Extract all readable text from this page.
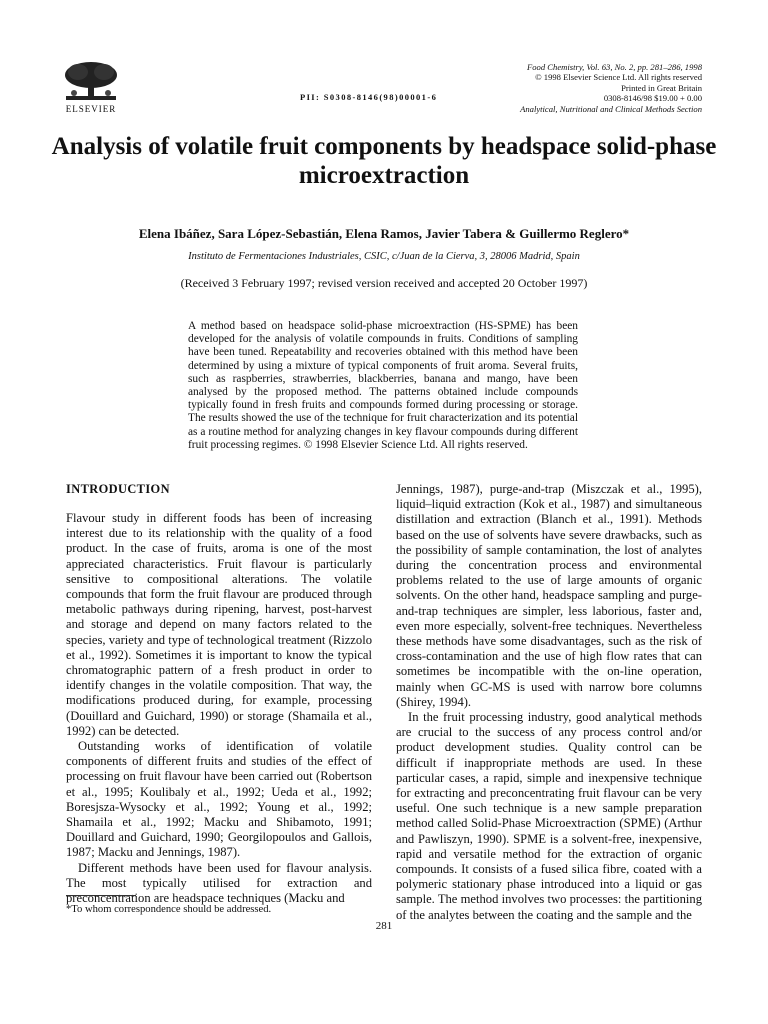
ELSEVIER
PII: S0308-8146(98)00001-6
Food Chemistry, Vol. 63, No. 2, pp. 281–286, 1998
© 1998 Elsevier Science Ltd. All rights reserved
Printed in Great Britain
0308-8146/98 $19.00 + 0.00
Analytical, Nutritional and Clinical Methods Section
Analysis of volatile fruit components by headspace solid-phase microextraction
Elena Ibáñez, Sara López-Sebastián, Elena Ramos, Javier Tabera & Guillermo Reglero*
Instituto de Fermentaciones Industriales, CSIC, c/Juan de la Cierva, 3, 28006 Madrid, Spain
(Received 3 February 1997; revised version received and accepted 20 October 1997)
A method based on headspace solid-phase microextraction (HS-SPME) has been developed for the analysis of volatile compounds in fruits. Conditions of sampling have been tuned. Repeatability and recoveries obtained with this method have been determined by using a mixture of typical components of fruit aroma. Several fruits, such as raspberries, strawberries, blackberries, banana and mango, have been analysed by the proposed method. The patterns obtained include compounds typically found in fresh fruits and compounds formed during processing or storage. The results showed the use of the technique for fruit characterization and its potential as a routine method for analyzing changes in key flavour compounds during different fruit processing regimes. © 1998 Elsevier Science Ltd. All rights reserved.
INTRODUCTION

Flavour study in different foods has been of increasing interest due to its relationship with the quality of a food product. In the case of fruits, aroma is one of the most appreciated characteristics. Fruit flavour is particularly sensitive to compositional alterations. The volatile compounds that form the fruit flavour are produced through metabolic pathways during ripening, harvest, post-harvest and storage and depend on many factors related to the species, variety and type of technological treatment (Rizzolo et al., 1992). Sometimes it is important to know the typical chromatographic pattern of a fresh product in order to identify changes in the volatile composition. That way, the modifications produced during, for example, processing (Douillard and Guichard, 1990) or storage (Shamaila et al., 1992) can be detected.

Outstanding works of identification of volatile components of different fruits and studies of the effect of processing on fruit flavour have been carried out (Robertson et al., 1995; Koulibaly et al., 1992; Ueda et al., 1992; Boresjsza-Wysocky et al., 1992; Young et al., 1992; Shamaila et al., 1992; Macku and Shibamoto, 1991; Douillard and Guichard, 1990; Georgilopoulos and Gallois, 1987; Macku and Jennings, 1987).

Different methods have been used for flavour analysis. The most typically utilised for extraction and preconcentration are headspace techniques (Macku and

Jennings, 1987), purge-and-trap (Miszczak et al., 1995), liquid–liquid extraction (Kok et al., 1987) and simultaneous distillation and extraction (Blanch et al., 1991). Methods based on the use of solvents have severe drawbacks, such as the possibility of sample contamination, the lost of analytes during the concentration process and environmental problems related to the use of large amounts of organic solvents. On the other hand, headspace sampling and purge-and-trap techniques are simpler, less laborious, faster and, even more especially, solvent-free techniques. Nevertheless these methods have some disadvantages, such as the risk of cross-contamination and the use of high flow rates that can sometimes be incompatible with the on-line operation, mainly when GC-MS is used with narrow bore columns (Shirey, 1994).

In the fruit processing industry, good analytical methods are crucial to the success of any process control and/or product development studies. Quality control can be difficult if inappropriate methods are used. In these particular cases, a rapid, simple and inexpensive technique for extracting and preconcentrating fruit flavour can be very useful. One such technique is a new sample preparation method called Solid-Phase Microextraction (SPME) (Arthur and Pawliszyn, 1990). SPME is a solvent-free, inexpensive, rapid and versatile method for the extraction of organic compounds. It consists of a fused silica fibre, coated with a polymeric stationary phase introduced into a liquid or gas sample. The method involves two processes: the partitioning of the analytes between the coating and the sample and the

*To whom correspondence should be addressed.
281
